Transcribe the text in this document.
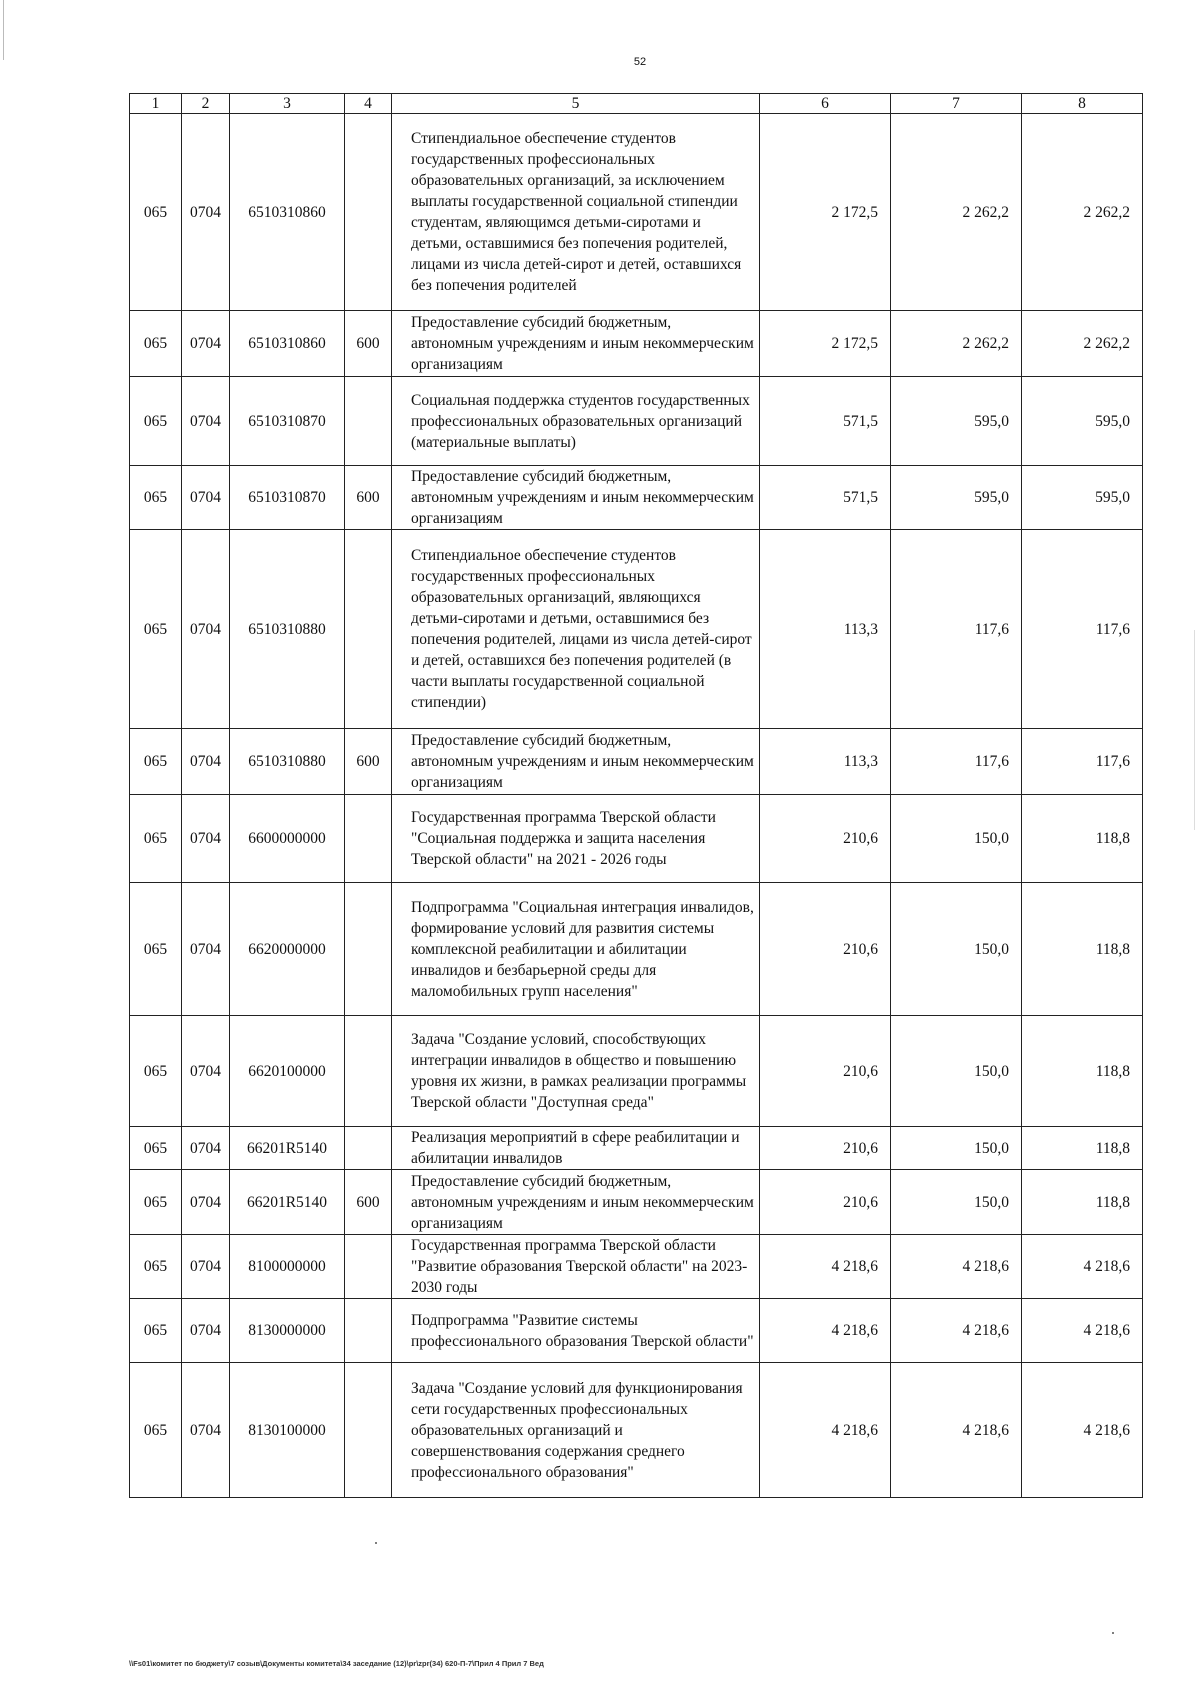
52
1	2	3	4	5	6	7	8
065	0704	6510310860		Стипендиальное обеспечение студентов государственных профессиональных образовательных организаций, за исключением выплаты государственной социальной стипендии студентам, являющимся детьми-сиротами и детьми, оставшимися без попечения родителей, лицами из числа детей-сирот и детей, оставшихся без попечения родителей	2 172,5	2 262,2	2 262,2
065	0704	6510310860	600	Предоставление субсидий бюджетным, автономным учреждениям и иным некоммерческим организациям	2 172,5	2 262,2	2 262,2
065	0704	6510310870		Социальная поддержка студентов государственных профессиональных образовательных организаций (материальные выплаты)	571,5	595,0	595,0
065	0704	6510310870	600	Предоставление субсидий бюджетным, автономным учреждениям и иным некоммерческим организациям	571,5	595,0	595,0
065	0704	6510310880		Стипендиальное обеспечение студентов государственных профессиональных образовательных организаций, являющихся детьми-сиротами и детьми, оставшимися без попечения родителей, лицами из числа детей-сирот и детей, оставшихся без попечения родителей (в части выплаты государственной социальной стипендии)	113,3	117,6	117,6
065	0704	6510310880	600	Предоставление субсидий бюджетным, автономным учреждениям и иным некоммерческим организациям	113,3	117,6	117,6
065	0704	6600000000		Государственная программа Тверской области "Социальная поддержка и защита населения Тверской области" на 2021 - 2026 годы	210,6	150,0	118,8
065	0704	6620000000		Подпрограмма "Социальная интеграция инвалидов, формирование условий для развития системы комплексной реабилитации и абилитации инвалидов и безбарьерной среды для маломобильных групп населения"	210,6	150,0	118,8
065	0704	6620100000		Задача "Создание условий, способствующих интеграции инвалидов в общество и повышению уровня их жизни, в рамках реализации программы Тверской области "Доступная среда"	210,6	150,0	118,8
065	0704	66201R5140		Реализация мероприятий в сфере реабилитации и абилитации инвалидов	210,6	150,0	118,8
065	0704	66201R5140	600	Предоставление субсидий бюджетным, автономным учреждениям и иным некоммерческим организациям	210,6	150,0	118,8
065	0704	8100000000		Государственная программа Тверской области "Развитие образования Тверской области" на 2023-2030 годы	4 218,6	4 218,6	4 218,6
065	0704	8130000000		Подпрограмма "Развитие системы профессионального образования Тверской области"	4 218,6	4 218,6	4 218,6
065	0704	8130100000		Задача "Создание условий для функционирования сети государственных профессиональных образовательных организаций и совершенствования содержания среднего профессионального образования"	4 218,6	4 218,6	4 218,6
\\Fs01\комитет по бюджету\7 созыв\Документы комитета\34 заседание (12)\pr\zpr(34) 620-П-7\Прил 4 Прил 7 Вед
